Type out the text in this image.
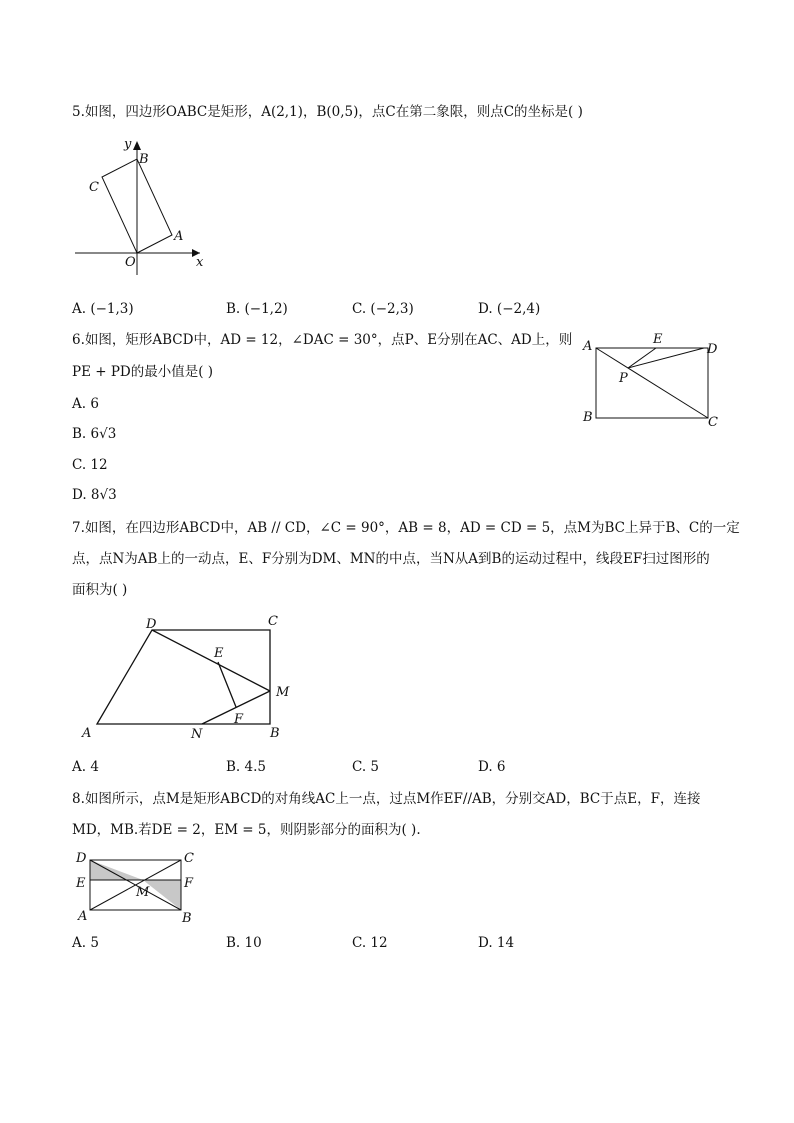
5.如图，四边形OABC是矩形，A(2,1)，B(0,5)，点C在第二象限，则点C的坐标是( )
y
x
O
A
B
C
A. (−1,3)	B. (−1,2)	C. (−2,3)	D. (−2,4)
6.如图，矩形ABCD中，AD = 12，∠DAC = 30°，点P、E分别在AC、AD上，则
PE + PD的最小值是( )
A
B	C
D
E
P
A. 6
B. 6√3
C. 12
D. 8√3
7.如图，在四边形ABCD中，AB // CD，∠C = 90°，AB = 8，AD = CD = 5，点M为BC上异于B、C的一定
点，点N为AB上的一动点，E、F分别为DM、MN的中点，当N从A到B的运动过程中，线段EF扫过图形的
面积为( )
A	B
C
D
E
F
M
N
A. 4	B. 4.5	C. 5	D. 6
8.如图所示，点M是矩形ABCD的对角线AC上一点，过点M作EF//AB，分别交AD，BC于点E，F，连接
MD，MB.若DE = 2，EM = 5，则阴影部分的面积为( ).
D	C
E	F
M
A	B
A. 5	B. 10	C. 12	D. 14
